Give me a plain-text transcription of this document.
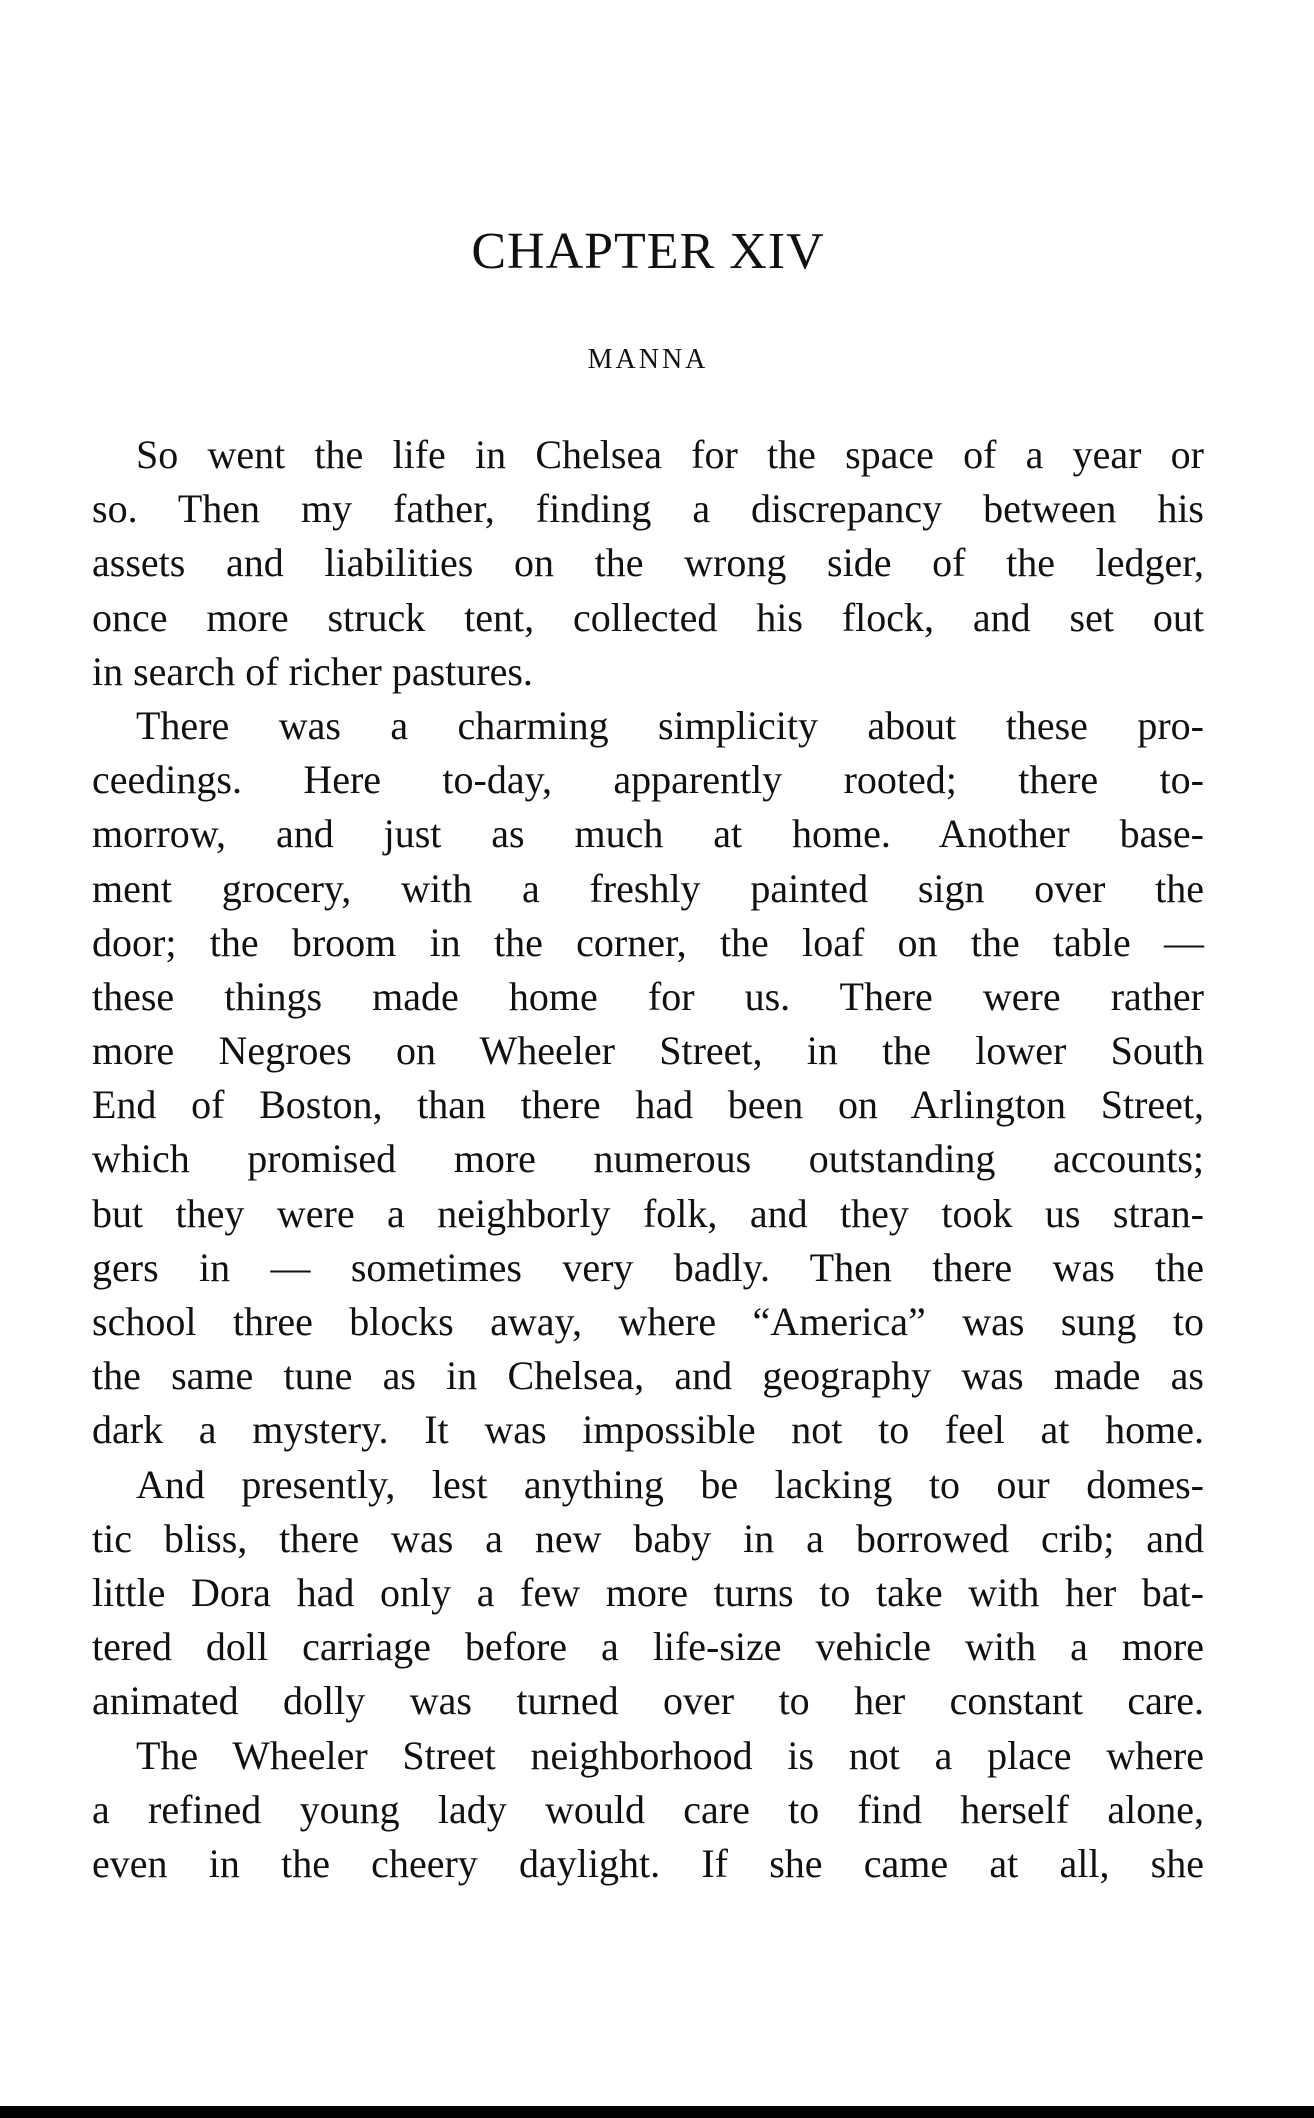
CHAPTER XIV
MANNA
So went the life in Chelsea for the space of a year or
so. Then my father, finding a discrepancy between his
assets and liabilities on the wrong side of the ledger,
once more struck tent, collected his flock, and set out
in search of richer pastures.
There was a charming simplicity about these pro-
ceedings. Here to-day, apparently rooted; there to-
morrow, and just as much at home. Another base-
ment grocery, with a freshly painted sign over the
door; the broom in the corner, the loaf on the table —
these things made home for us. There were rather
more Negroes on Wheeler Street, in the lower South
End of Boston, than there had been on Arlington Street,
which promised more numerous outstanding accounts;
but they were a neighborly folk, and they took us stran-
gers in — sometimes very badly. Then there was the
school three blocks away, where “America” was sung to
the same tune as in Chelsea, and geography was made as
dark a mystery. It was impossible not to feel at home.
And presently, lest anything be lacking to our domes-
tic bliss, there was a new baby in a borrowed crib; and
little Dora had only a few more turns to take with her bat-
tered doll carriage before a life-size vehicle with a more
animated dolly was turned over to her constant care.
The Wheeler Street neighborhood is not a place where
a refined young lady would care to find herself alone,
even in the cheery daylight. If she came at all, she
